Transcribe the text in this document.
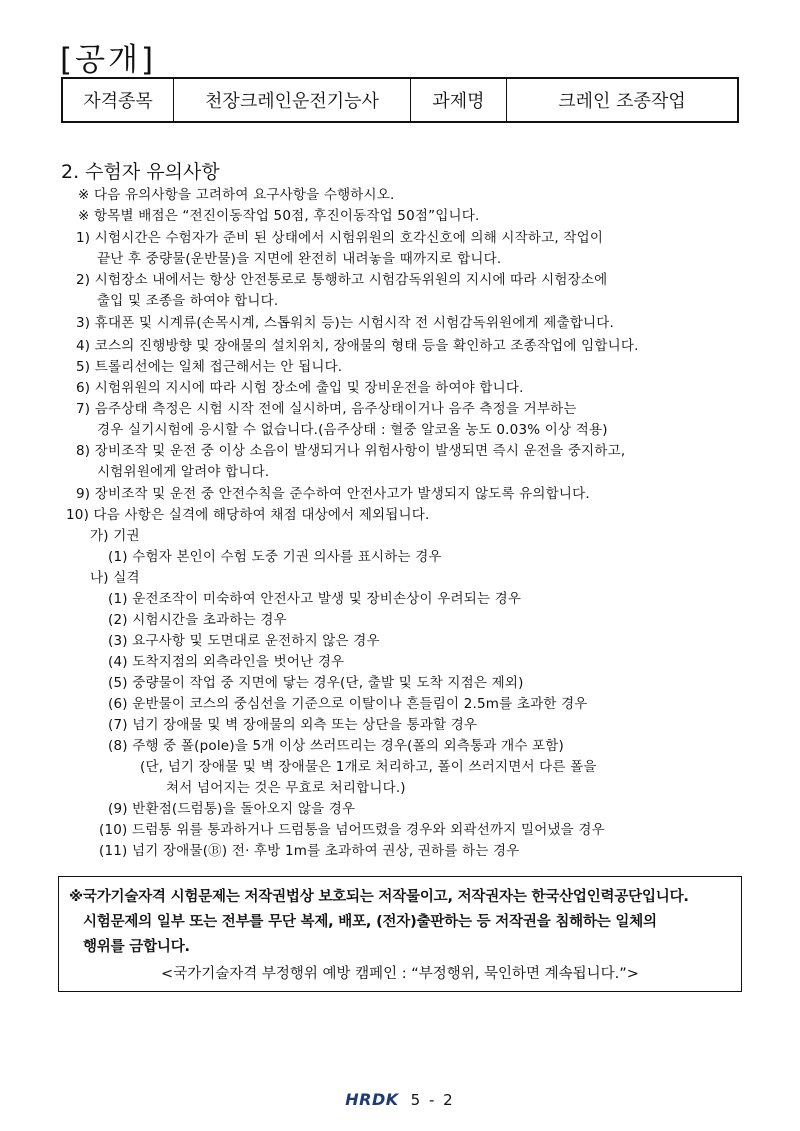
[공개]
자격종목	천장크레인운전기능사	과제명	크레인 조종작업
2. 수험자 유의사항
※ 다음 유의사항을 고려하여 요구사항을 수행하시오.
※ 항목별 배점은 “전진이동작업 50점, 후진이동작업 50점”입니다.
1) 시험시간은 수험자가 준비 된 상태에서 시험위원의 호각신호에 의해 시작하고, 작업이
끝난 후 중량물(운반물)을 지면에 완전히 내려놓을 때까지로 합니다.
2) 시험장소 내에서는 항상 안전통로로 통행하고 시험감독위원의 지시에 따라 시험장소에
출입 및 조종을 하여야 합니다.
3) 휴대폰 및 시계류(손목시계, 스톱워치 등)는 시험시작 전 시험감독위원에게 제출합니다.
4) 코스의 진행방향 및 장애물의 설치위치, 장애물의 형태 등을 확인하고 조종작업에 임합니다.
5) 트롤리선에는 일체 접근해서는 안 됩니다.
6) 시험위원의 지시에 따라 시험 장소에 출입 및 장비운전을 하여야 합니다.
7) 음주상태 측정은 시험 시작 전에 실시하며, 음주상태이거나 음주 측정을 거부하는
경우 실기시험에 응시할 수 없습니다.(음주상태 : 혈중 알코올 농도 0.03% 이상 적용)
8) 장비조작 및 운전 중 이상 소음이 발생되거나 위험사항이 발생되면 즉시 운전을 중지하고,
시험위원에게 알려야 합니다.
9) 장비조작 및 운전 중 안전수칙을 준수하여 안전사고가 발생되지 않도록 유의합니다.
10) 다음 사항은 실격에 해당하여 채점 대상에서 제외됩니다.
가) 기권
(1) 수험자 본인이 수험 도중 기권 의사를 표시하는 경우
나) 실격
(1) 운전조작이 미숙하여 안전사고 발생 및 장비손상이 우려되는 경우
(2) 시험시간을 초과하는 경우
(3) 요구사항 및 도면대로 운전하지 않은 경우
(4) 도착지점의 외측라인을 벗어난 경우
(5) 중량물이 작업 중 지면에 닿는 경우(단, 출발 및 도착 지점은 제외)
(6) 운반물이 코스의 중심선을 기준으로 이탈이나 흔들림이 2.5m를 초과한 경우
(7) 넘기 장애물 및 벽 장애물의 외측 또는 상단을 통과할 경우
(8) 주행 중 폴(pole)을 5개 이상 쓰러뜨리는 경우(폴의 외측통과 개수 포함)
(단, 넘기 장애물 및 벽 장애물은 1개로 처리하고, 폴이 쓰러지면서 다른 폴을
쳐서 넘어지는 것은 무효로 처리합니다.)
(9) 반환점(드럼통)을 돌아오지 않을 경우
(10) 드럼통 위를 통과하거나 드럼통을 넘어뜨렸을 경우와 외곽선까지 밀어냈을 경우
(11) 넘기 장애물(Ⓑ) 전· 후방 1m를 초과하여 권상, 권하를 하는 경우
※국가기술자격 시험문제는 저작권법상 보호되는 저작물이고, 저작권자는 한국산업인력공단입니다.
시험문제의 일부 또는 전부를 무단 복제, 배포, (전자)출판하는 등 저작권을 침해하는 일체의
행위를 금합니다.
<국가기술자격 부정행위 예방 캠페인 : “부정행위, 묵인하면 계속됩니다.”>
HRDK 5 - 2
